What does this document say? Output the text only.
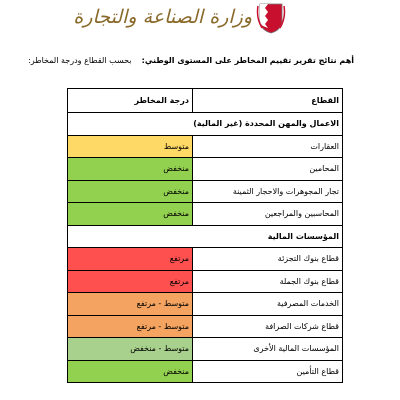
وزارة الصناعة والتجارة
أهم نتائج تقرير تقييم المخاطر على المستوى الوطني:    بحسب القطاع ودرجة المخاطر:
القطاع	درجة المخاطر
الاعمال والمهن المحددة (غير المالية)	
العقارات	متوسط
المحامين	منخفض
تجار المجوهرات والاحجار الثمينة	منخفض
المحاسبين والمراجعين	منخفض
المؤسسات المالية	
قطاع بنوك التجزئة	مرتفع
قطاع بنوك الجملة	مرتفع
الخدمات المصرفية	متوسط - مرتفع
قطاع شركات الصرافة	متوسط - مرتفع
المؤسسات المالية الأخرى	متوسط - منخفض
قطاع التأمين	منخفض
